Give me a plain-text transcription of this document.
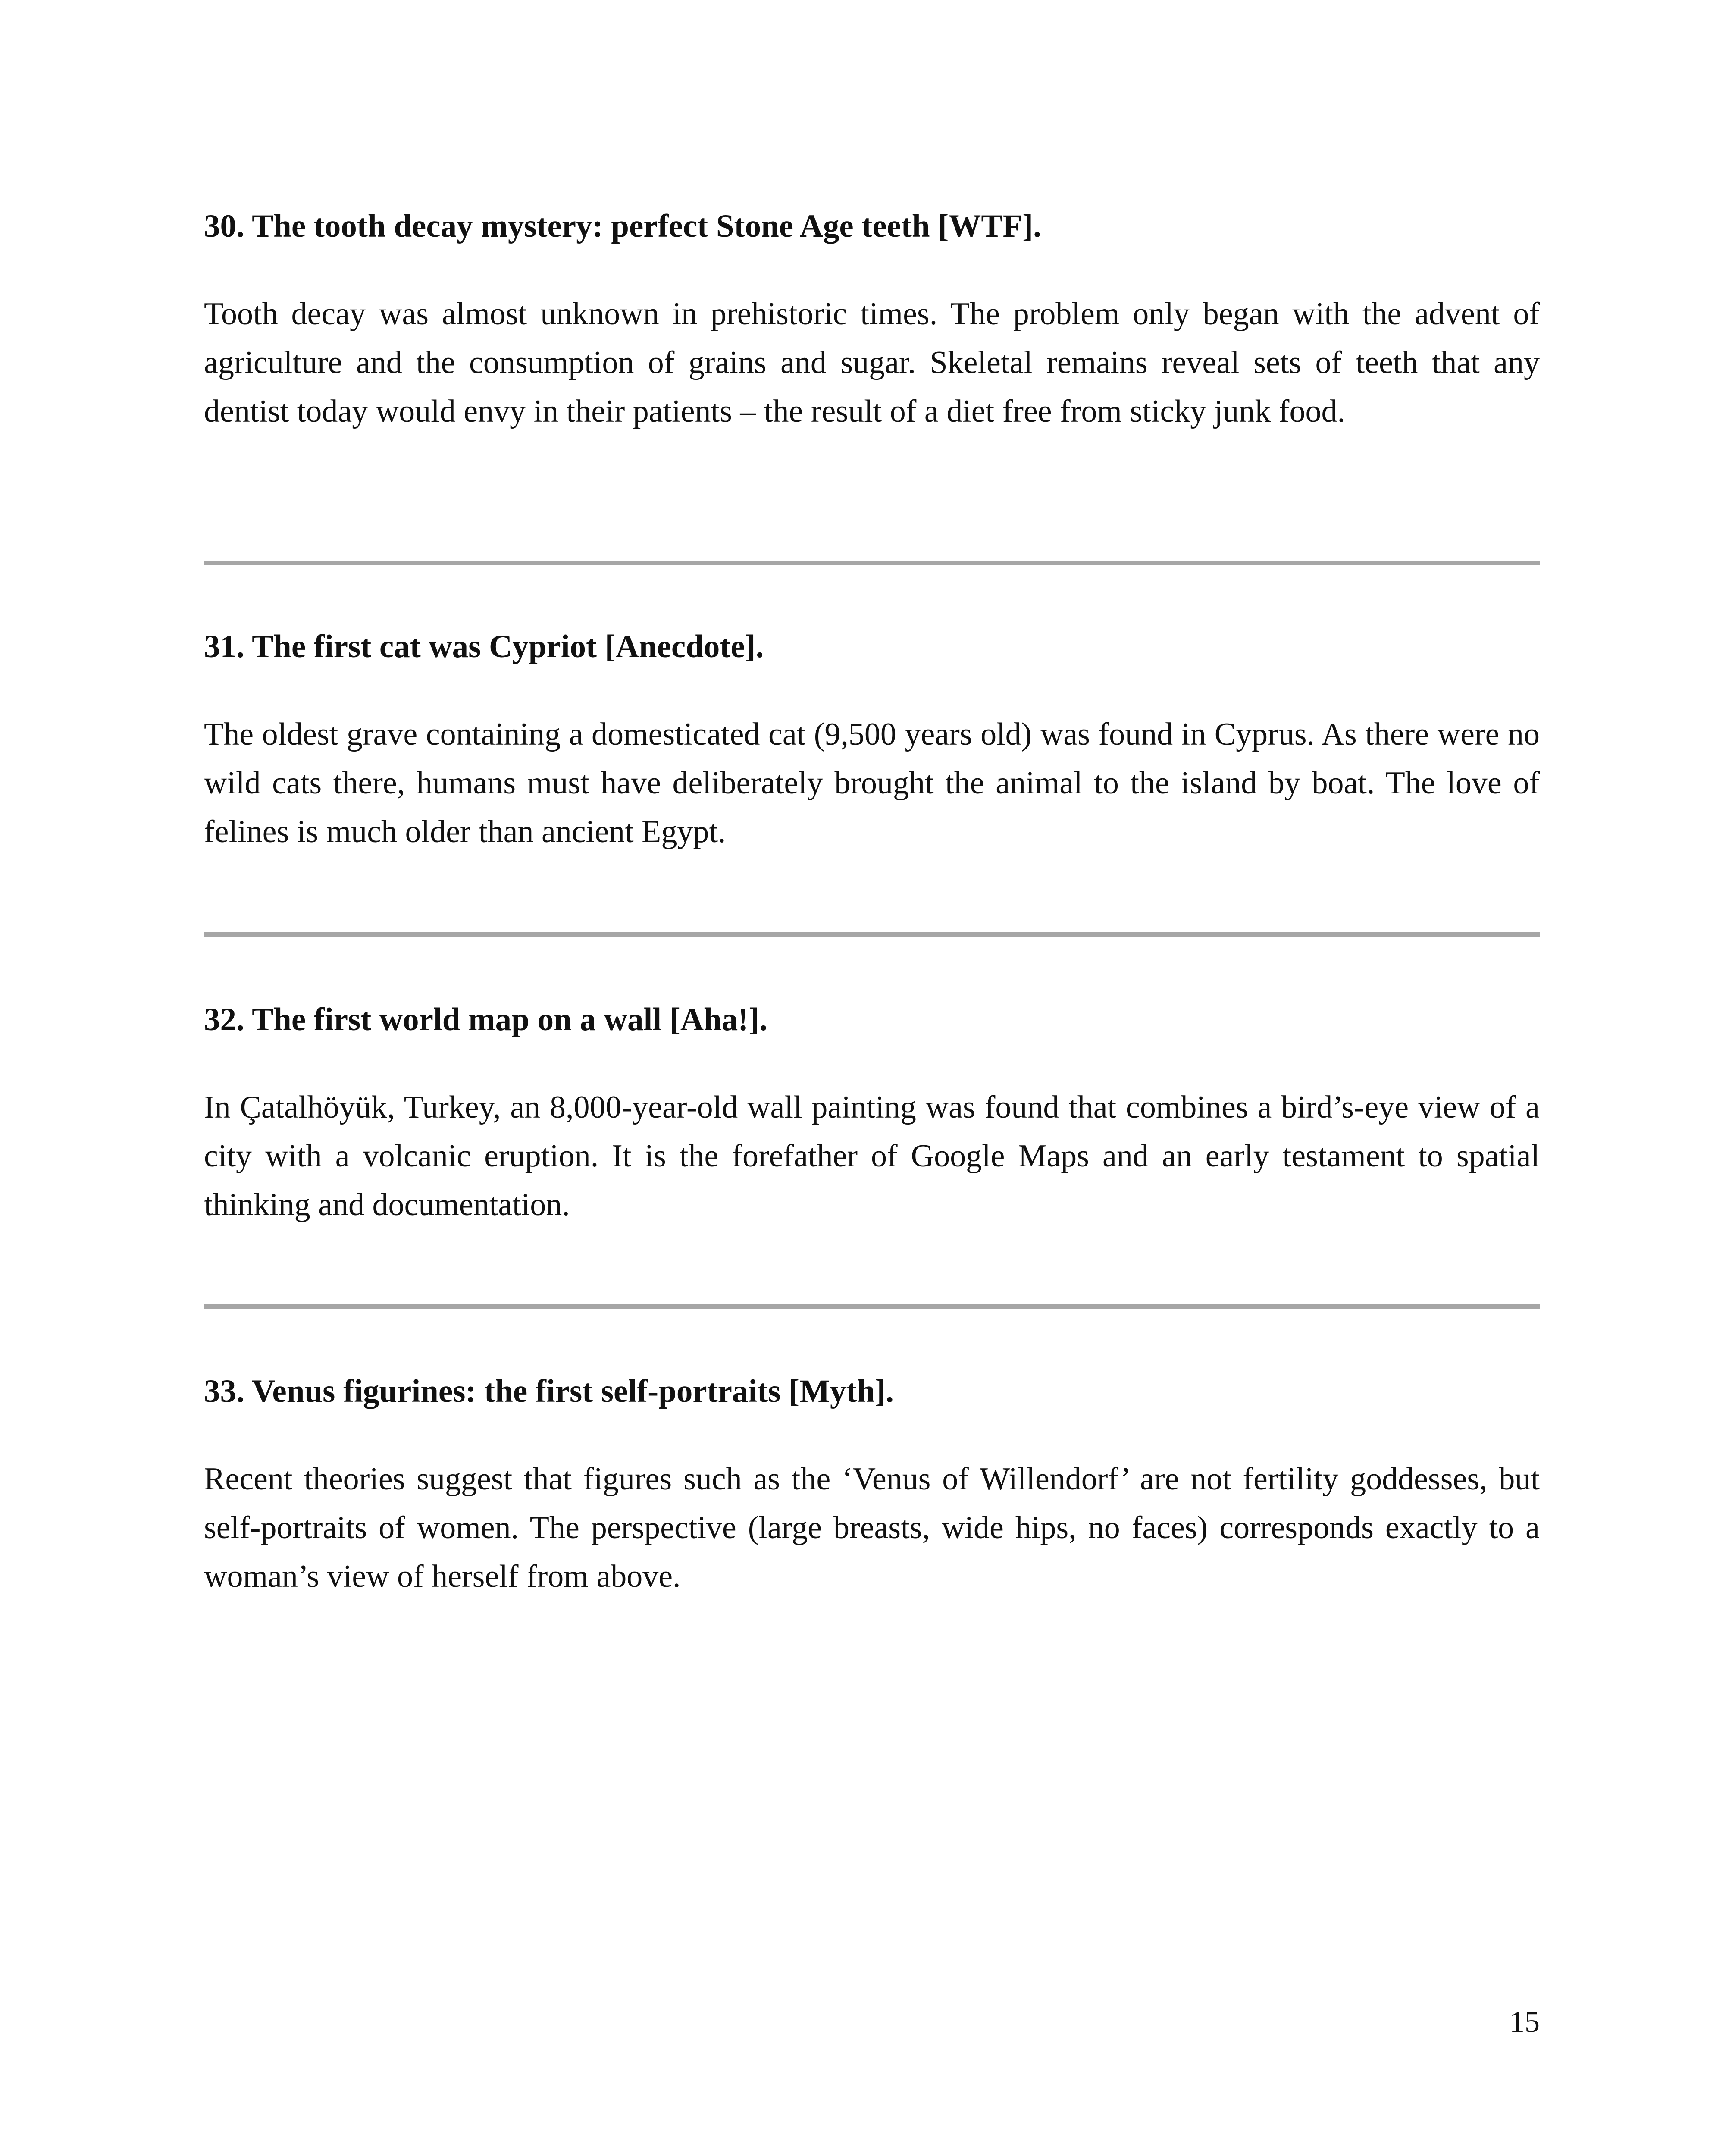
30. The tooth decay mystery: perfect Stone Age teeth [WTF].

Tooth decay was almost unknown in prehistoric times. The problem only began with the advent of agriculture and the consumption of grains and sugar. Skeletal remains reveal sets of teeth that any dentist today would envy in their patients – the result of a diet free from sticky junk food.

31. The first cat was Cypriot [Anecdote].

The oldest grave containing a domesticated cat (9,500 years old) was found in Cyprus. As there were no wild cats there, humans must have deliberately brought the animal to the island by boat. The love of felines is much older than ancient Egypt.

32. The first world map on a wall [Aha!].

In Çatalhöyük, Turkey, an 8,000-year-old wall painting was found that combines a bird’s-eye view of a city with a volcanic eruption. It is the forefather of Google Maps and an early testament to spatial thinking and documentation.

33. Venus figurines: the first self-portraits [Myth].

Recent theories suggest that figures such as the ‘Venus of Willendorf’ are not fertility goddesses, but self-portraits of women. The perspective (large breasts, wide hips, no faces) corresponds exactly to a woman’s view of herself from above.

15
